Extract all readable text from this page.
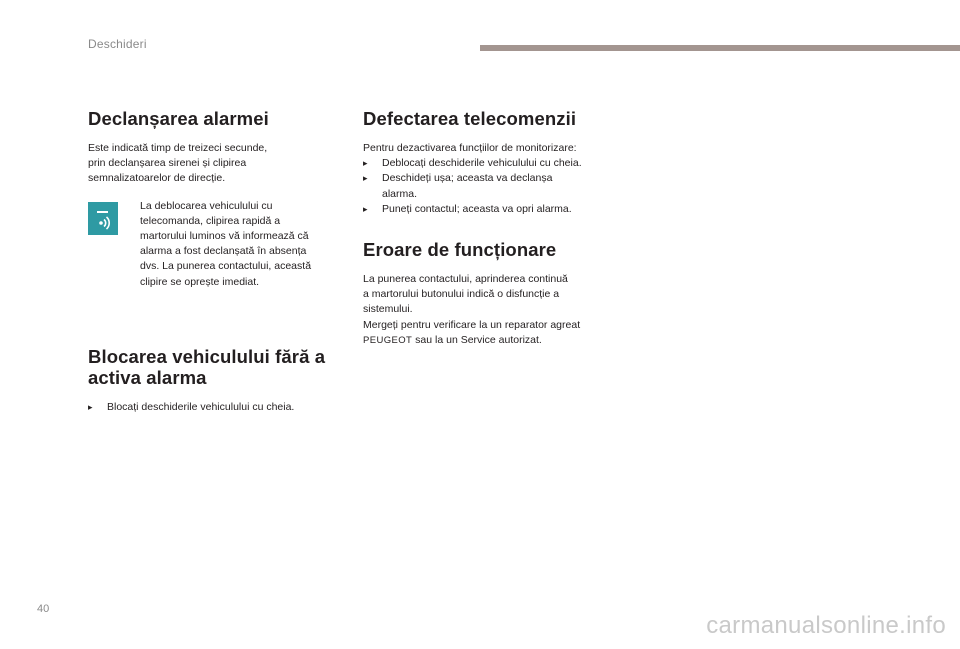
Deschideri
Declanșarea alarmei

Este indicată timp de treizeci secunde,
prin declanșarea sirenei și clipirea
semnalizatoarelor de direcție.

La deblocarea vehiculului cu
telecomanda, clipirea rapidă a
martorului luminos vă informează că
alarma a fost declanșată în absența
dvs. La punerea contactului, această
clipire se oprește imediat.

Blocarea vehiculului fără a
activa alarma
▸ Blocați deschiderile vehiculului cu cheia.
Defectarea telecomenzii

Pentru dezactivarea funcțiilor de monitorizare:

▸ Deblocați deschiderile vehiculului cu cheia.
▸ Deschideți ușa; aceasta va declanșa
alarma.
▸ Puneți contactul; aceasta va opri alarma.
Eroare de funcționare

La punerea contactului, aprinderea continuă
a martorului butonului indică o disfuncție a
sistemului.
Mergeți pentru verificare la un reparator agreat
PEUGEOT sau la un Service autorizat.

40
carmanualsonline.info
